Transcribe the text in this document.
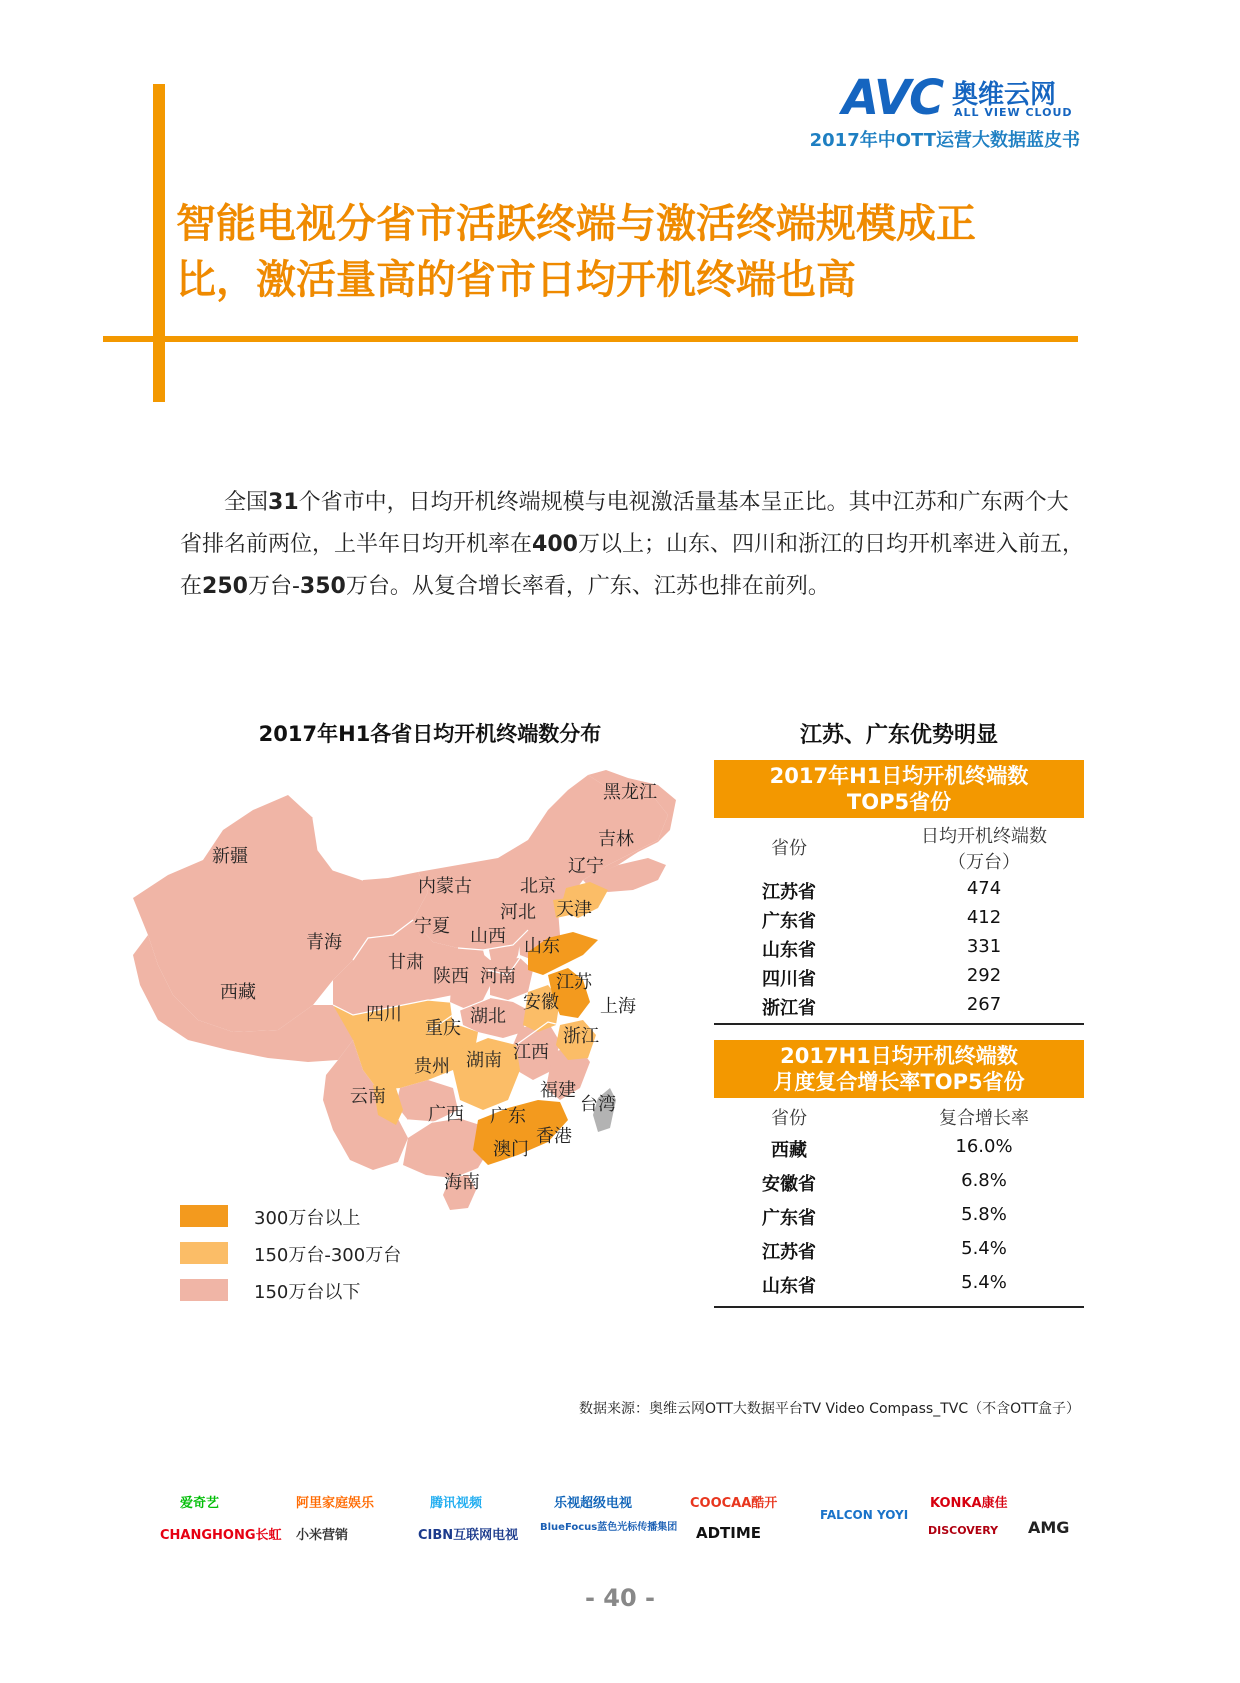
AVC 奥维云网
ALL VIEW CLOUD
2017年中OTT运营大数据蓝皮书
智能电视分省市活跃终端与激活终端规模成正
比，激活量高的省市日均开机终端也高
全国31个省市中，日均开机终端规模与电视激活量基本呈正比。其中江苏和广东两个大省排名前两位，上半年日均开机率在400万以上；山东、四川和浙江的日均开机率进入前五，在250万台-350万台。从复合增长率看，广东、江苏也排在前列。
2017年H1各省日均开机终端数分布
黑龙江
吉林
辽宁
新疆
内蒙古	北京
天津
河北
宁夏 山西 山东
青海
甘肃
陕西 河南 江苏
西藏	安徽 上海
四川	湖北
重庆	浙江
贵州 湖南 江西
云南	福建
台湾
广西 广东
香港
澳门
海南
300万台以上
150万台-300万台
150万台以下
江苏、广东优势明显
2017年H1日均开机终端数
TOP5省份
省份
日均开机终端数
（万台）
江苏省	474
广东省	412
山东省	331
四川省	292
浙江省	267
2017H1日均开机终端数
月度复合增长率TOP5省份
省份	复合增长率
西藏	16.0%
安徽省	6.8%
广东省	5.8%
江苏省	5.4%
山东省	5.4%
数据来源：奥维云网OTT大数据平台TV Video Compass_TVC（不含OTT盒子）
爱奇艺
CHANGHONG长虹
阿里家庭娱乐
小米营销
腾讯视频
CIBN互联网电视
乐视超级电视
BlueFocus蓝色光标传播集团
COOCAA酷开
ADTIME
FALCON YOYI
KONKA康佳
DISCOVERY AMG
- 40 -
